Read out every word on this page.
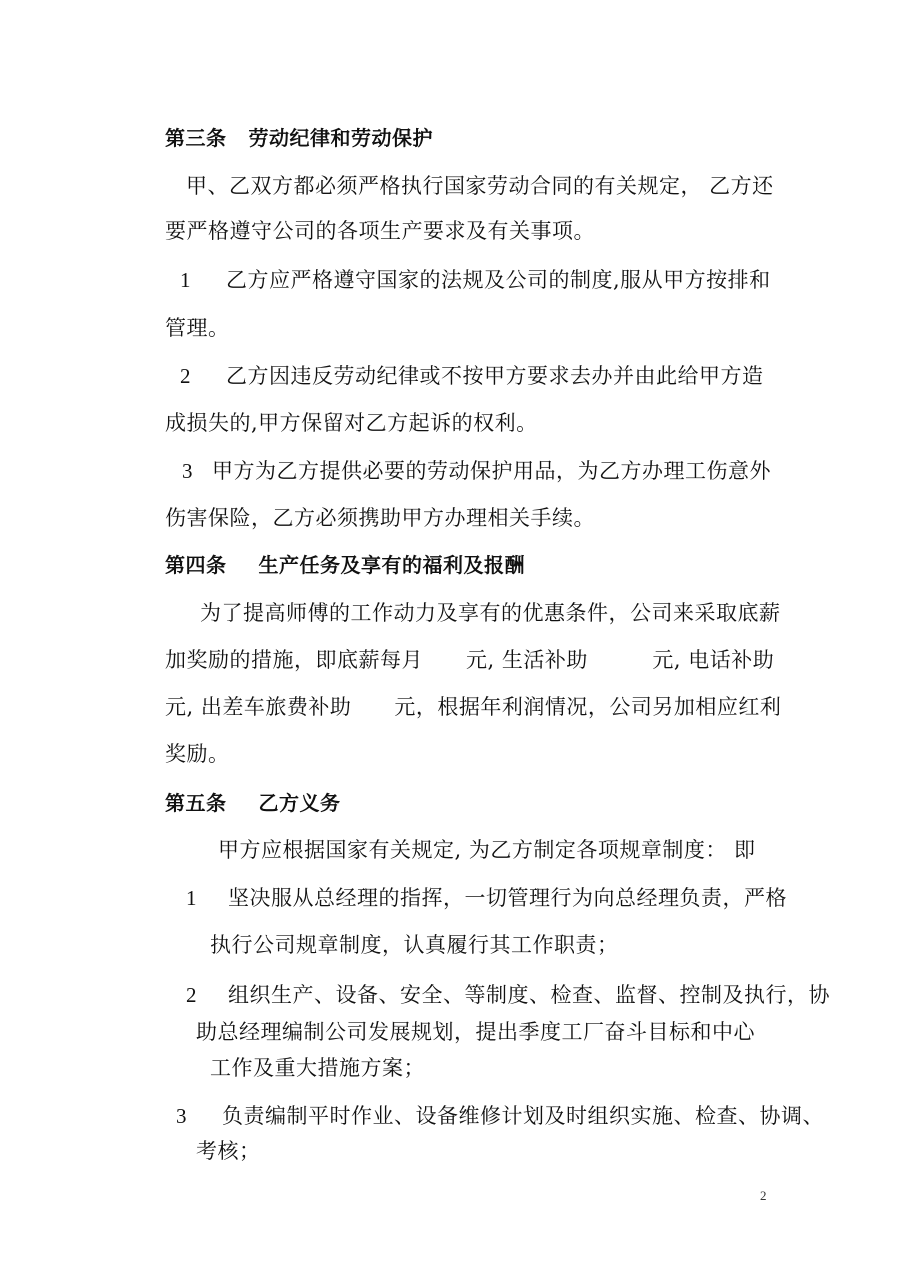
第三条 劳动纪律和劳动保护
甲、乙双方都必须严格执行国家劳动合同的有关规定， 乙方还
要严格遵守公司的各项生产要求及有关事项。
1 乙方应严格遵守国家的法规及公司的制度,服从甲方按排和
管理。
2 乙方因违反劳动纪律或不按甲方要求去办并由此给甲方造
成损失的,甲方保留对乙方起诉的权利。
3 甲方为乙方提供必要的劳动保护用品，为乙方办理工伤意外
伤害保险，乙方必须携助甲方办理相关手续。
第四条 生产任务及享有的福利及报酬
为了提高师傅的工作动力及享有的优惠条件，公司来采取底薪
加奖励的措施，即底薪每月　　元, 生活补助　　　元, 电话补助
元, 出差车旅费补助　　元，根据年利润情况，公司另加相应红利
奖励。
第五条 乙方义务
甲方应根据国家有关规定, 为乙方制定各项规章制度： 即
1 坚决服从总经理的指挥，一切管理行为向总经理负责，严格
执行公司规章制度，认真履行其工作职责；
2 组织生产、设备、安全、等制度、检查、监督、控制及执行，协
助总经理编制公司发展规划，提出季度工厂奋斗目标和中心
工作及重大措施方案；
3 负责编制平时作业、设备维修计划及时组织实施、检查、协调、
考核；
2
